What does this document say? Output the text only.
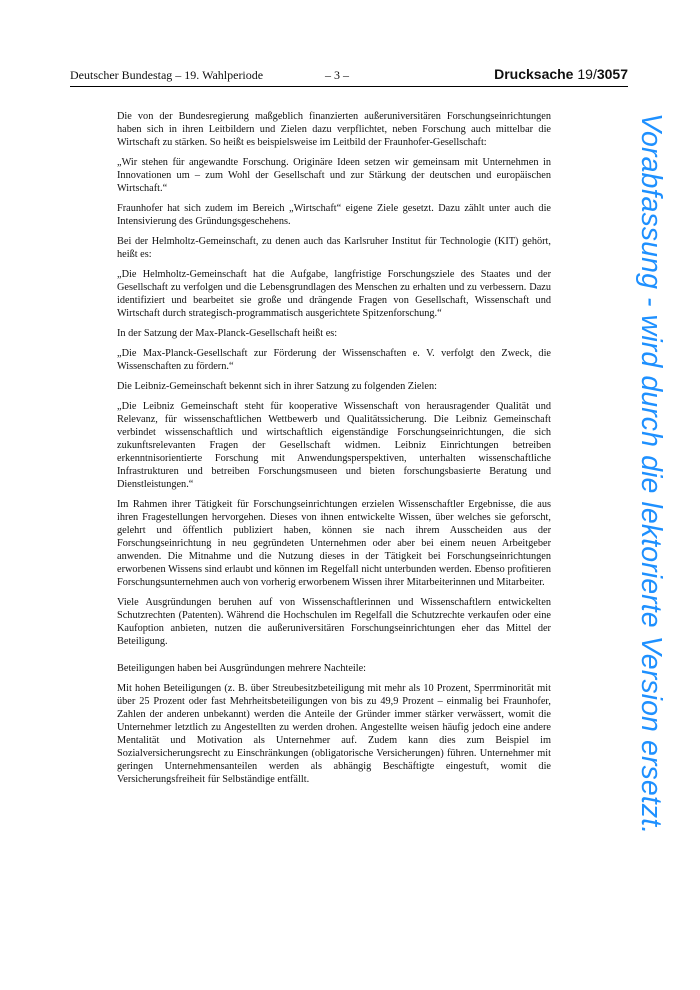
Deutscher Bundestag – 19. Wahlperiode	– 3 –	Drucksache 19/3057

Die von der Bundesregierung maßgeblich finanzierten außeruniversitären Forschungseinrichtungen haben sich in ihren Leitbildern und Zielen dazu verpflichtet, neben Forschung auch mittelbar die Wirtschaft zu stärken. So heißt es beispielsweise im Leitbild der Fraunhofer-Gesellschaft:

„Wir stehen für angewandte Forschung. Originäre Ideen setzen wir gemeinsam mit Unternehmen in Innovationen um – zum Wohl der Gesellschaft und zur Stärkung der deutschen und europäischen Wirtschaft.“

Fraunhofer hat sich zudem im Bereich „Wirtschaft“ eigene Ziele gesetzt. Dazu zählt unter auch die Intensivierung des Gründungsgeschehens.

Bei der Helmholtz-Gemeinschaft, zu denen auch das Karlsruher Institut für Technologie (KIT) gehört, heißt es:

„Die Helmholtz-Gemeinschaft hat die Aufgabe, langfristige Forschungsziele des Staates und der Gesellschaft zu verfolgen und die Lebensgrundlagen des Menschen zu erhalten und zu verbessern. Dazu identifiziert und bearbeitet sie große und drängende Fragen von Gesellschaft, Wissenschaft und Wirtschaft durch strategisch-programmatisch ausgerichtete Spitzenforschung.“

In der Satzung der Max-Planck-Gesellschaft heißt es:

„Die Max-Planck-Gesellschaft zur Förderung der Wissenschaften e. V. verfolgt den Zweck, die Wissenschaften zu fördern.“

Die Leibniz-Gemeinschaft bekennt sich in ihrer Satzung zu folgenden Zielen:

„Die Leibniz Gemeinschaft steht für kooperative Wissenschaft von herausragender Qualität und Relevanz, für wissenschaftlichen Wettbewerb und Qualitätssicherung. Die Leibniz Gemeinschaft verbindet wissenschaftlich und wirtschaftlich eigenständige Forschungseinrichtungen, die sich zukunftsrelevanten Fragen der Gesellschaft widmen. Leibniz Einrichtungen betreiben erkenntnisorientierte Forschung mit Anwendungsperspektiven, unterhalten wissenschaftliche Infrastrukturen und betreiben Forschungsmuseen und bieten forschungsbasierte Beratung und Dienstleistungen.“

Im Rahmen ihrer Tätigkeit für Forschungseinrichtungen erzielen Wissenschaftler Ergebnisse, die aus ihren Fragestellungen hervorgehen. Dieses von ihnen entwickelte Wissen, über welches sie geforscht, gelehrt und öffentlich publiziert haben, können sie nach ihrem Ausscheiden aus der Forschungseinrichtung in neu gegründeten Unternehmen oder aber bei einem neuen Arbeitgeber anwenden. Die Mitnahme und die Nutzung dieses in der Tätigkeit bei Forschungseinrichtungen erworbenen Wissens sind erlaubt und können im Regelfall nicht unterbunden werden. Ebenso profitieren Forschungsunternehmen auch von vorherig erworbenem Wissen ihrer Mitarbeiterinnen und Mitarbeiter.

Viele Ausgründungen beruhen auf von Wissenschaftlerinnen und Wissenschaftlern entwickelten Schutzrechten (Patenten). Während die Hochschulen im Regelfall die Schutzrechte verkaufen oder eine Kaufoption anbieten, nutzen die außeruniversitären Forschungseinrichtungen eher das Mittel der Beteiligung.

Beteiligungen haben bei Ausgründungen mehrere Nachteile:

Mit hohen Beteiligungen (z. B. über Streubesitzbeteiligung mit mehr als 10 Prozent, Sperrminorität mit über 25 Prozent oder fast Mehrheitsbeteiligungen von bis zu 49,9 Prozent – einmalig bei Fraunhofer, Zahlen der anderen unbekannt) werden die Anteile der Gründer immer stärker verwässert, womit die Unternehmer letztlich zu Angestellten zu werden drohen. Angestellte weisen häufig jedoch eine andere Mentalität und Motivation als Unternehmer auf. Zudem kann dies zum Beispiel im Sozialversicherungsrecht zu Einschränkungen (obligatorische Versicherungen) führen. Unternehmer mit geringen Unternehmensanteilen werden als abhängig Beschäftigte eingestuft, womit die Versicherungsfreiheit für Selbständige entfällt.	Vorabfassung - wird durch die lektorierte Version ersetzt.
